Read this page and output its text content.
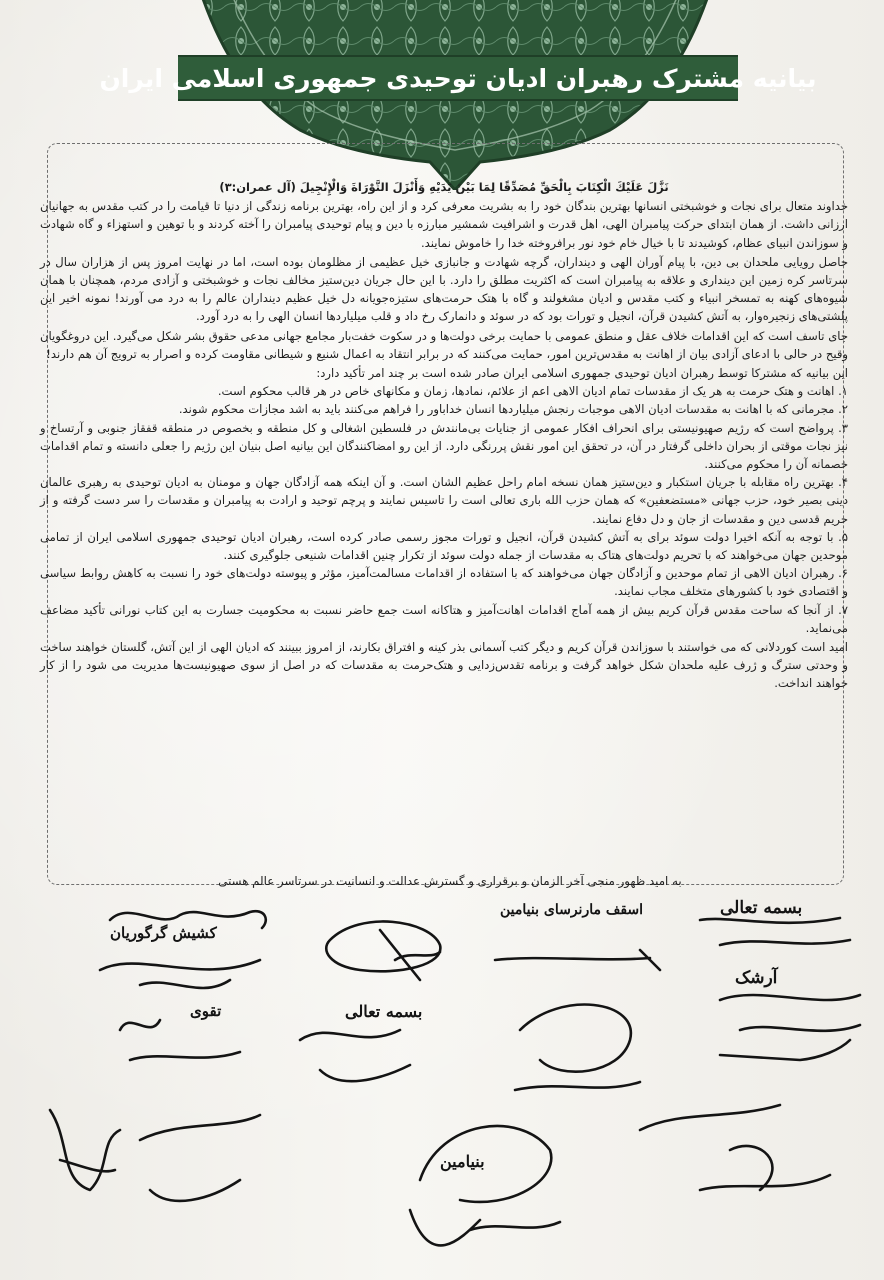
بیانیه مشترک رهبران ادیان توحیدی جمهوری اسلامی ایران
نَزَّلَ عَلَيْكَ الْكِتَابَ بِالْحَقِّ مُصَدِّقًا لِمَا بَيْنَ يَدَيْهِ وَأَنْزَلَ التَّوْرَاةَ وَالْإِنْجِيلَ (آل عمران:۳)

خداوند متعال برای نجات و خوشبختی انسانها بهترین بندگان خود را به بشریت معرفی کرد و از این راه، بهترین برنامه زندگی از دنیا تا قیامت را در کتب مقدس به جهانیان ارزانی داشت. از همان ابتدای حرکت پیامبران الهی، اهل قدرت و اشرافیت شمشیر مبارزه با دین و پیام توحیدی پیامبران را آخته کردند و با توهین و استهزاء و گاه شهادت و سوزاندن انبیای عظام، کوشیدند تا با خیال خام خود نور برافروخته خدا را خاموش نمایند.

حاصل رویایی ملحدان بی دین، با پیام آوران الهی و دینداران، گرچه شهادت و جانبازی خیل عظیمی از مظلومان بوده است، اما در نهایت امروز پس از هزاران سال در سرتاسر کره زمین این دینداری و علاقه به پیامبران است که اکثریت مطلق را دارد. با این حال جریان دین‌ستیز مخالف نجات و خوشبختی و آزادی مردم، همچنان با همان شیوه‌های کهنه به تمسخر انبیاء و کتب مقدس و ادیان مشغولند و گاه با هتک حرمت‌های ستیزه‌جویانه دل خیل عظیم دینداران عالم را به درد می آورند! نمونه اخیر این پلشتی‌های زنجیره‌وار، به آتش کشیدن قرآن، انجیل و تورات بود که در سوئد و دانمارک رخ داد و قلب میلیاردها انسان الهی را به درد آورد.

جای تاسف است که این اقدامات خلاف عقل و منطق عمومی با حمایت برخی دولت‌ها و در سکوت خفت‌بار مجامع جهانی مدعی حقوق بشر شکل می‌گیرد. این دروغگویان وقیح در حالی با ادعای آزادی بیان از اهانت به مقدس‌ترین امور، حمایت می‌کنند که در برابر انتقاد به اعمال شنیع و شیطانی مقاومت کرده و اصرار به ترویج آن هم دارند!

این بیانیه که مشترکا توسط رهبران ادیان توحیدی جمهوری اسلامی ایران صادر شده است بر چند امر تأکید دارد:

۱. اهانت و هتک حرمت به هر یک از مقدسات تمام ادیان الاهی اعم از علائم، نمادها، زمان و مکانهای خاص در هر قالب محکوم است.

۲. مجرمانی که با اهانت به مقدسات ادیان الاهی موجبات رنجش میلیاردها انسان خداباور را فراهم می‌کنند باید به اشد مجازات محکوم شوند.

۳. پرواضح است که رژیم صهیونیستی برای انحراف افکار عمومی از جنایات بی‌مانندش در فلسطین اشغالی و کل منطقه و بخصوص در منطقه قفقاز جنوبی و آرتساخ و نیز نجات موقتی از بحران داخلی گرفتار در آن، در تحقق این امور نقش پررنگی دارد. از این رو امضاکنندگان این بیانیه اصل بنیان این رژیم را جعلی دانسته و تمام اقدامات خصمانه آن را محکوم می‌کنند.

۴. بهترین راه مقابله با جریان استکبار و دین‌ستیز همان نسخه امام راحل عظیم الشان است. و آن اینکه همه آزادگان جهان و مومنان به ادیان توحیدی به رهبری عالمان دینی بصیر خود، حزب جهانی «مستضعفین» که همان حزب الله باری تعالی است را تاسیس نمایند و پرچم توحید و ارادت به پیامبران و مقدسات را سر دست گرفته و از حریم قدسی دین و مقدسات از جان و دل دفاع نمایند.

۵. با توجه به آنکه اخیرا دولت سوئد برای به آتش کشیدن قرآن، انجیل و تورات مجوز رسمی صادر کرده است، رهبران ادیان توحیدی جمهوری اسلامی ایران از تمامی موحدین جهان می‌خواهند که با تحریم دولت‌های هتاک به مقدسات از جمله دولت سوئد از تکرار چنین اقدامات شنیعی جلوگیری کنند.

۶. رهبران ادیان الاهی از تمام موحدین و آزادگان جهان می‌خواهند که با استفاده از اقدامات مسالمت‌آمیز، مؤثر و پیوسته دولت‌های خود را نسبت به کاهش روابط سیاسی و اقتصادی خود با کشورهای متخلف مجاب نمایند.

۷. از آنجا که ساحت مقدس قرآن کریم بیش از همه آماج اقدامات اهانت‌آمیز و هتاکانه است جمع حاضر نسبت به محکومیت جسارت به این کتاب نورانی تأکید مضاعف می‌نماید.

امید است کوردلانی که می خواستند با سوزاندن قرآن کریم و دیگر کتب آسمانی بذر کینه و افتراق بکارند، از امروز ببینند که ادیان الهی از این آتش، گلستان خواهند ساخت و وحدتی سترگ و ژرف علیه ملحدان شکل خواهد گرفت و برنامه تقدس‌زدایی و هتک‌حرمت به مقدسات که در اصل از سوی صهیونیست‌ها مدیریت می شود را از کار خواهند انداخت.

به امید ظهور منجی آخر الزمان و برقراری و گسترش عدالت و انسانیت در سرتاسر عالم هستی
بسمه تعالی
اسقف مارنرسای بنیامین
کشیش گرگوریان
بسمه تعالی
آرشک
تقوی
بنیامین
